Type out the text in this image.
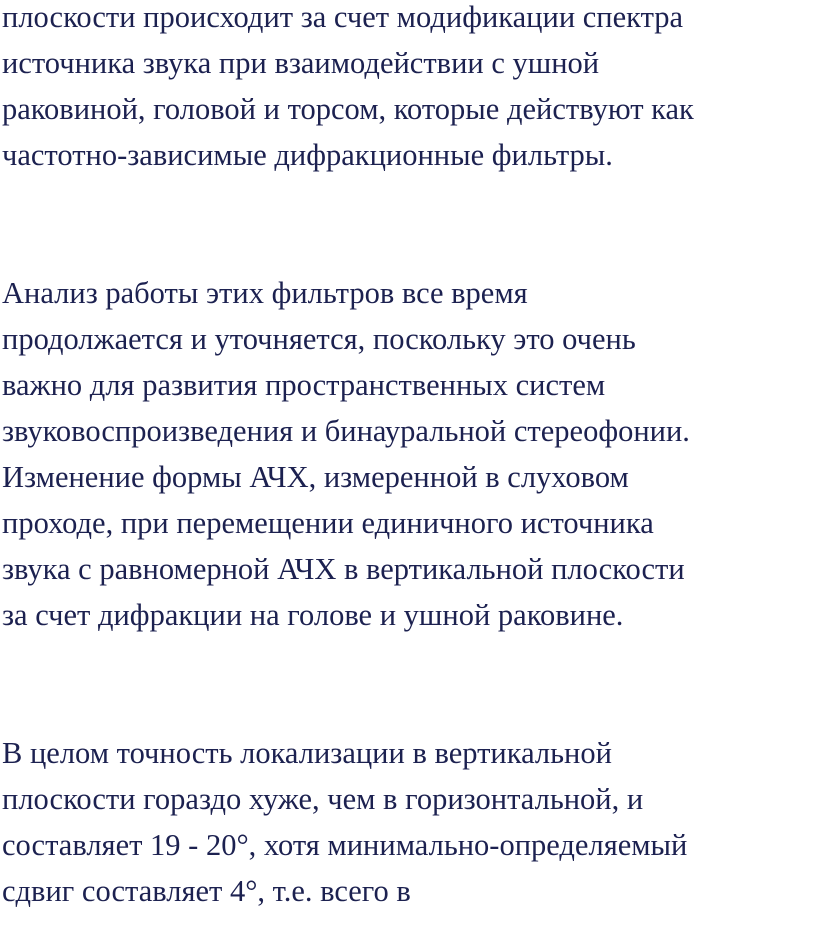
плоскости происходит за счет модификации спектра
источника звука при взаимодействии с ушной
раковиной, головой и торсом, которые действуют как
частотно-зависимые дифракционные фильтры.

Анализ работы этих фильтров все время
продолжается и уточняется, поскольку это очень
важно для развития пространственных систем
звуковоспроизведения и бинауральной стереофонии.
Изменение формы АЧХ, измеренной в слуховом
проходе, при перемещении единичного источника
звука с равномерной АЧХ в вертикальной плоскости
за счет дифракции на голове и ушной раковине.

В целом точность локализации в вертикальной
плоскости гораздо хуже, чем в горизонтальной, и
составляет 19 - 20°, хотя минимально-определяемый
сдвиг составляет 4°, т.е. всего в
